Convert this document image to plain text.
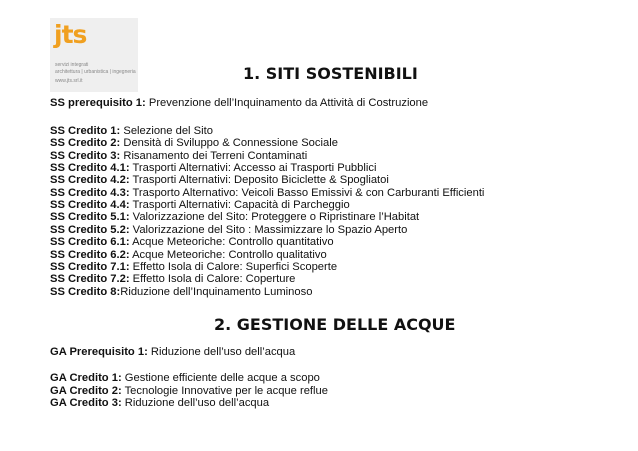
jts
servizi integrati
architettura | urbanistica | ingegneria
www.jts.srl.it	1. SITI SOSTENIBILI
SS prerequisito 1: Prevenzione dell’Inquinamento da Attività di Costruzione
SS Credito 1: Selezione del Sito
SS Credito 2: Densità di Sviluppo & Connessione Sociale
SS Credito 3: Risanamento dei Terreni Contaminati
SS Credito 4.1: Trasporti Alternativi: Accesso ai Trasporti Pubblici
SS Credito 4.2: Trasporti Alternativi: Deposito Biciclette & Spogliatoi
SS Credito 4.3: Trasporto Alternativo: Veicoli Basso Emissivi & con Carburanti Efficienti
SS Credito 4.4: Trasporti Alternativi: Capacità di Parcheggio
SS Credito 5.1: Valorizzazione del Sito: Proteggere o Ripristinare l’Habitat
SS Credito 5.2: Valorizzazione del Sito : Massimizzare lo Spazio Aperto
SS Credito 6.1: Acque Meteoriche: Controllo quantitativo
SS Credito 6.2: Acque Meteoriche: Controllo qualitativo
SS Credito 7.1: Effetto Isola di Calore: Superfici Scoperte
SS Credito 7.2: Effetto Isola di Calore: Coperture
SS Credito 8:Riduzione dell’Inquinamento Luminoso
2. GESTIONE DELLE ACQUE
GA Prerequisito 1: Riduzione dell’uso dell’acqua
GA Credito 1: Gestione efficiente delle acque a scopo
GA Credito 2: Tecnologie Innovative per le acque reflue
GA Credito 3: Riduzione dell’uso dell’acqua
